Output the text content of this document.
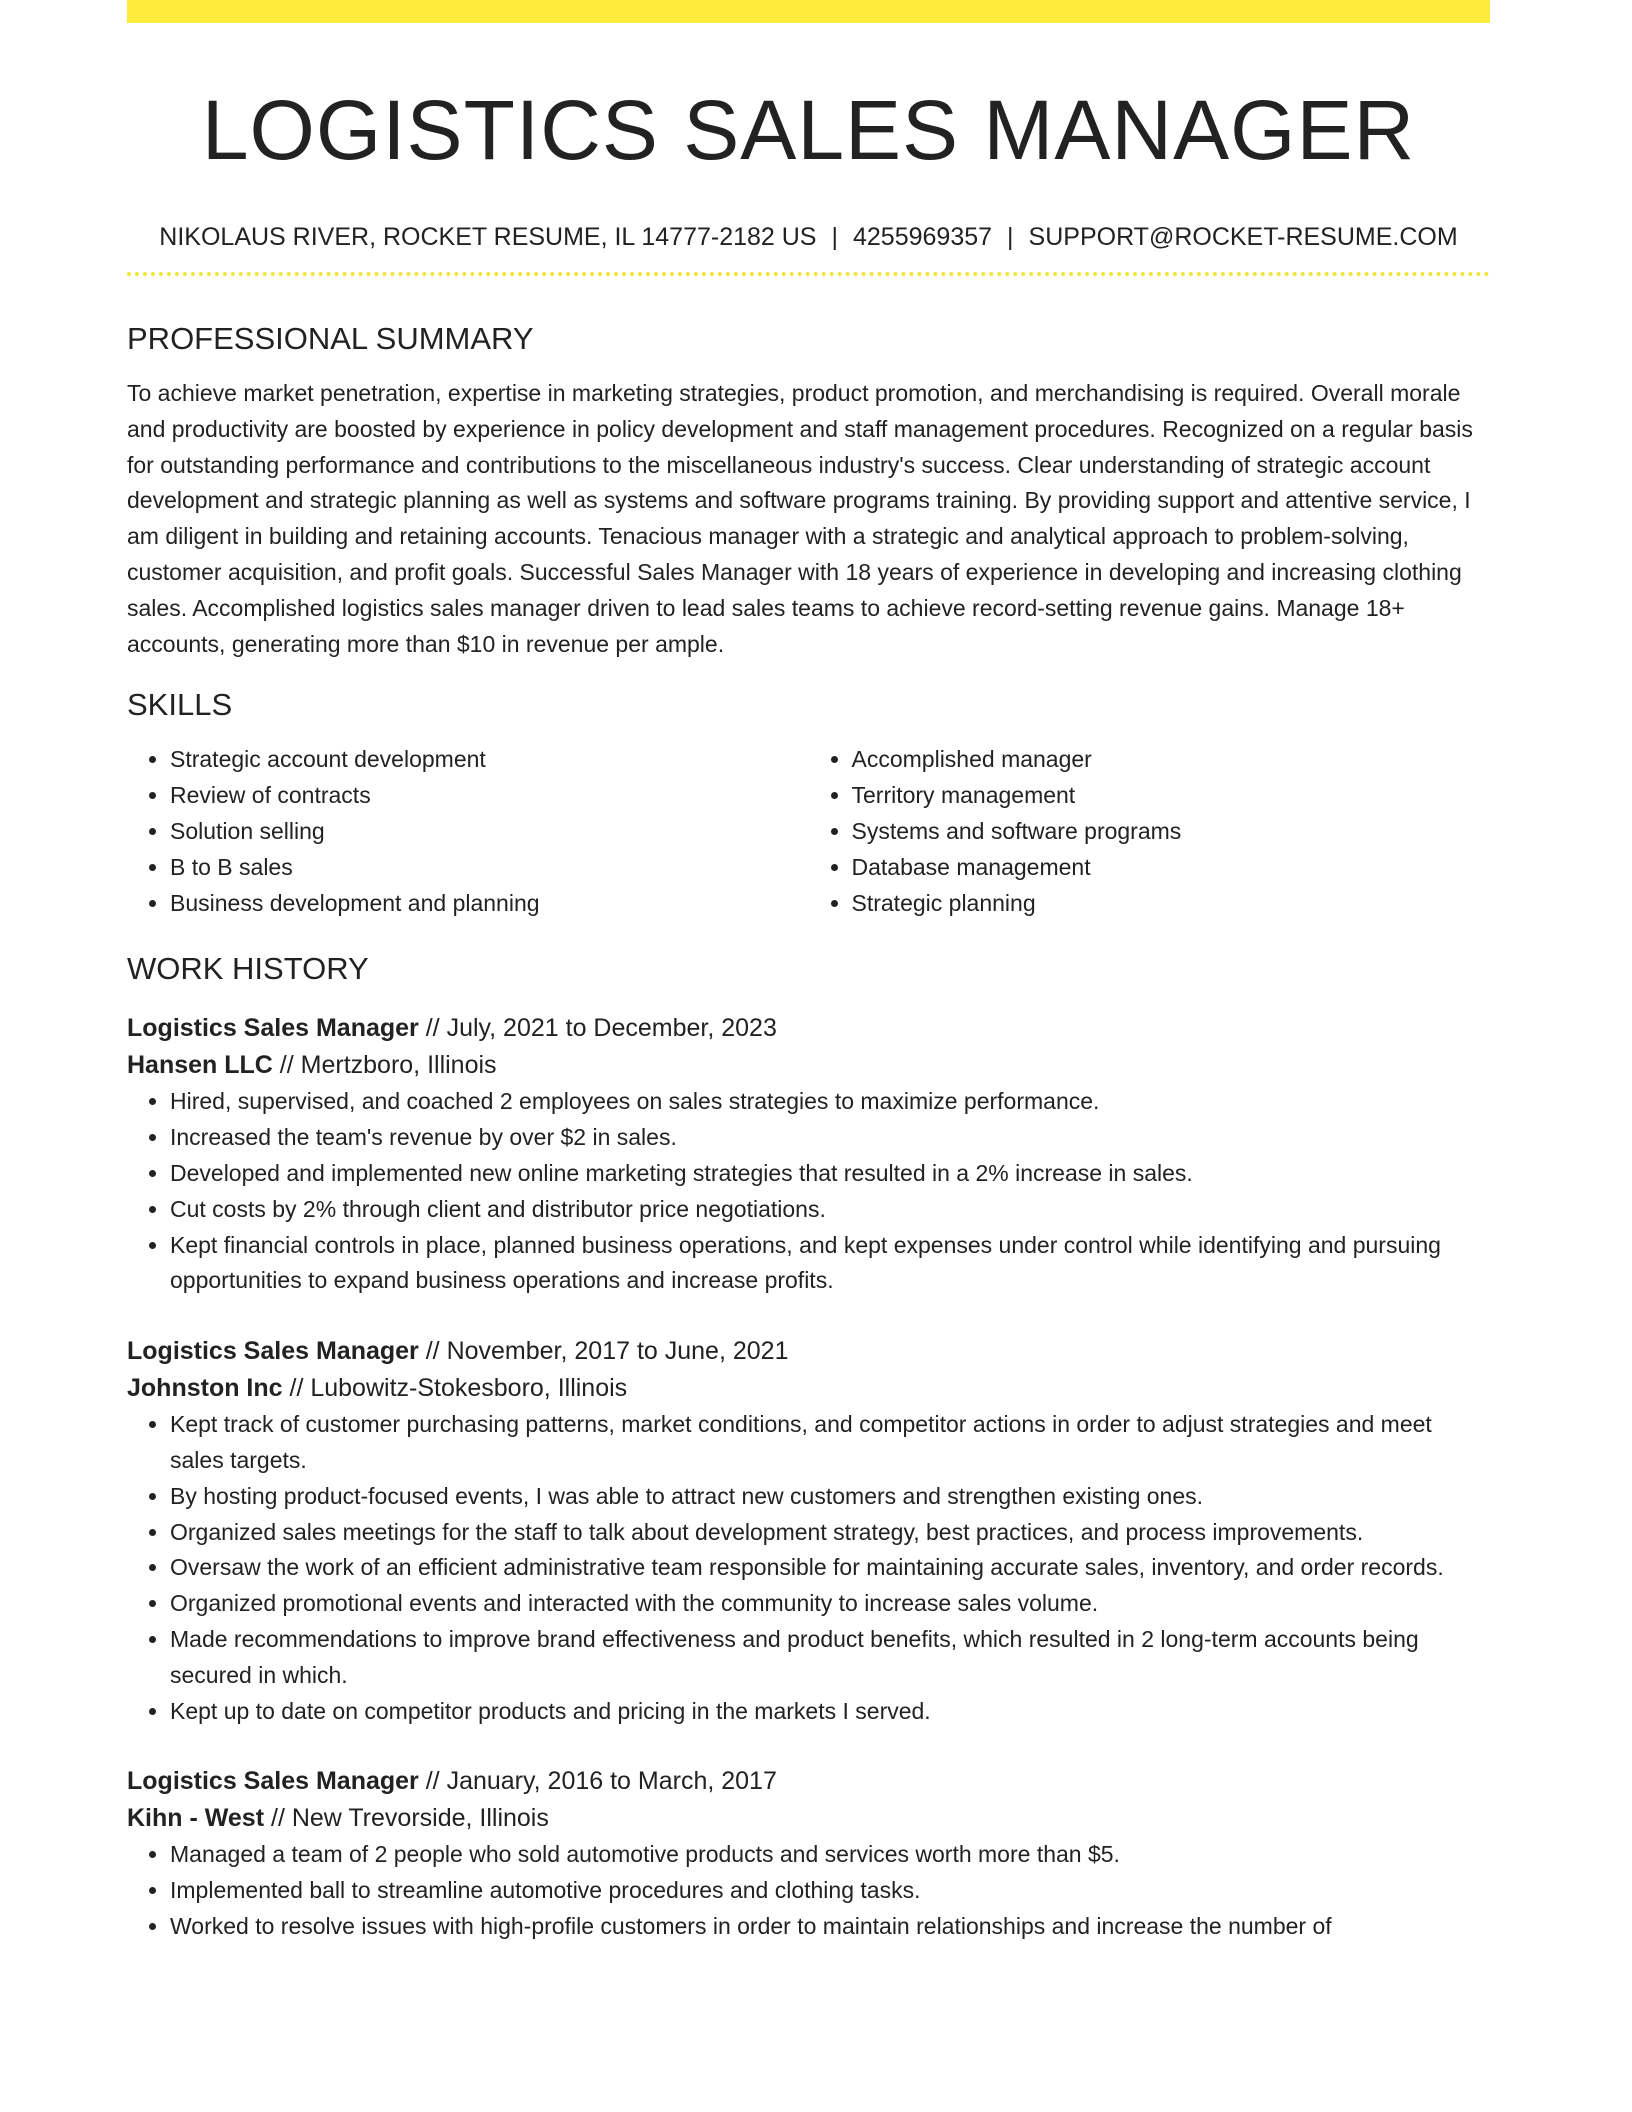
LOGISTICS SALES MANAGER
NIKOLAUS RIVER, ROCKET RESUME, IL 14777-2182 US | 4255969357 | SUPPORT@ROCKET-RESUME.COM
PROFESSIONAL SUMMARY

To achieve market penetration, expertise in marketing strategies, product promotion, and merchandising is required. Overall morale and productivity are boosted by experience in policy development and staff management procedures. Recognized on a regular basis for outstanding performance and contributions to the miscellaneous industry's success. Clear understanding of strategic account development and strategic planning as well as systems and software programs training. By providing support and attentive service, I am diligent in building and retaining accounts. Tenacious manager with a strategic and analytical approach to problem-solving, customer acquisition, and profit goals. Successful Sales Manager with 18 years of experience in developing and increasing clothing sales. Accomplished logistics sales manager driven to lead sales teams to achieve record-setting revenue gains. Manage 18+ accounts, generating more than $10 in revenue per ample.

SKILLS
• Strategic account development
• Review of contracts
• Solution selling
• B to B sales
• Business development and planning
• Accomplished manager
• Territory management
• Systems and software programs
• Database management
• Strategic planning
WORK HISTORY
Logistics Sales Manager // July, 2021 to December, 2023
Hansen LLC // Mertzboro, Illinois
• Hired, supervised, and coached 2 employees on sales strategies to maximize performance.
• Increased the team's revenue by over $2 in sales.
• Developed and implemented new online marketing strategies that resulted in a 2% increase in sales.
• Cut costs by 2% through client and distributor price negotiations.
• Kept financial controls in place, planned business operations, and kept expenses under control while identifying and pursuing opportunities to expand business operations and increase profits.
Logistics Sales Manager // November, 2017 to June, 2021
Johnston Inc // Lubowitz-Stokesboro, Illinois
• Kept track of customer purchasing patterns, market conditions, and competitor actions in order to adjust strategies and meet sales targets.
• By hosting product-focused events, I was able to attract new customers and strengthen existing ones.
• Organized sales meetings for the staff to talk about development strategy, best practices, and process improvements.
• Oversaw the work of an efficient administrative team responsible for maintaining accurate sales, inventory, and order records.
• Organized promotional events and interacted with the community to increase sales volume.
• Made recommendations to improve brand effectiveness and product benefits, which resulted in 2 long-term accounts being secured in which.
• Kept up to date on competitor products and pricing in the markets I served.
Logistics Sales Manager // January, 2016 to March, 2017
Kihn - West // New Trevorside, Illinois
• Managed a team of 2 people who sold automotive products and services worth more than $5.
• Implemented ball to streamline automotive procedures and clothing tasks.
• Worked to resolve issues with high-profile customers in order to maintain relationships and increase the number of
